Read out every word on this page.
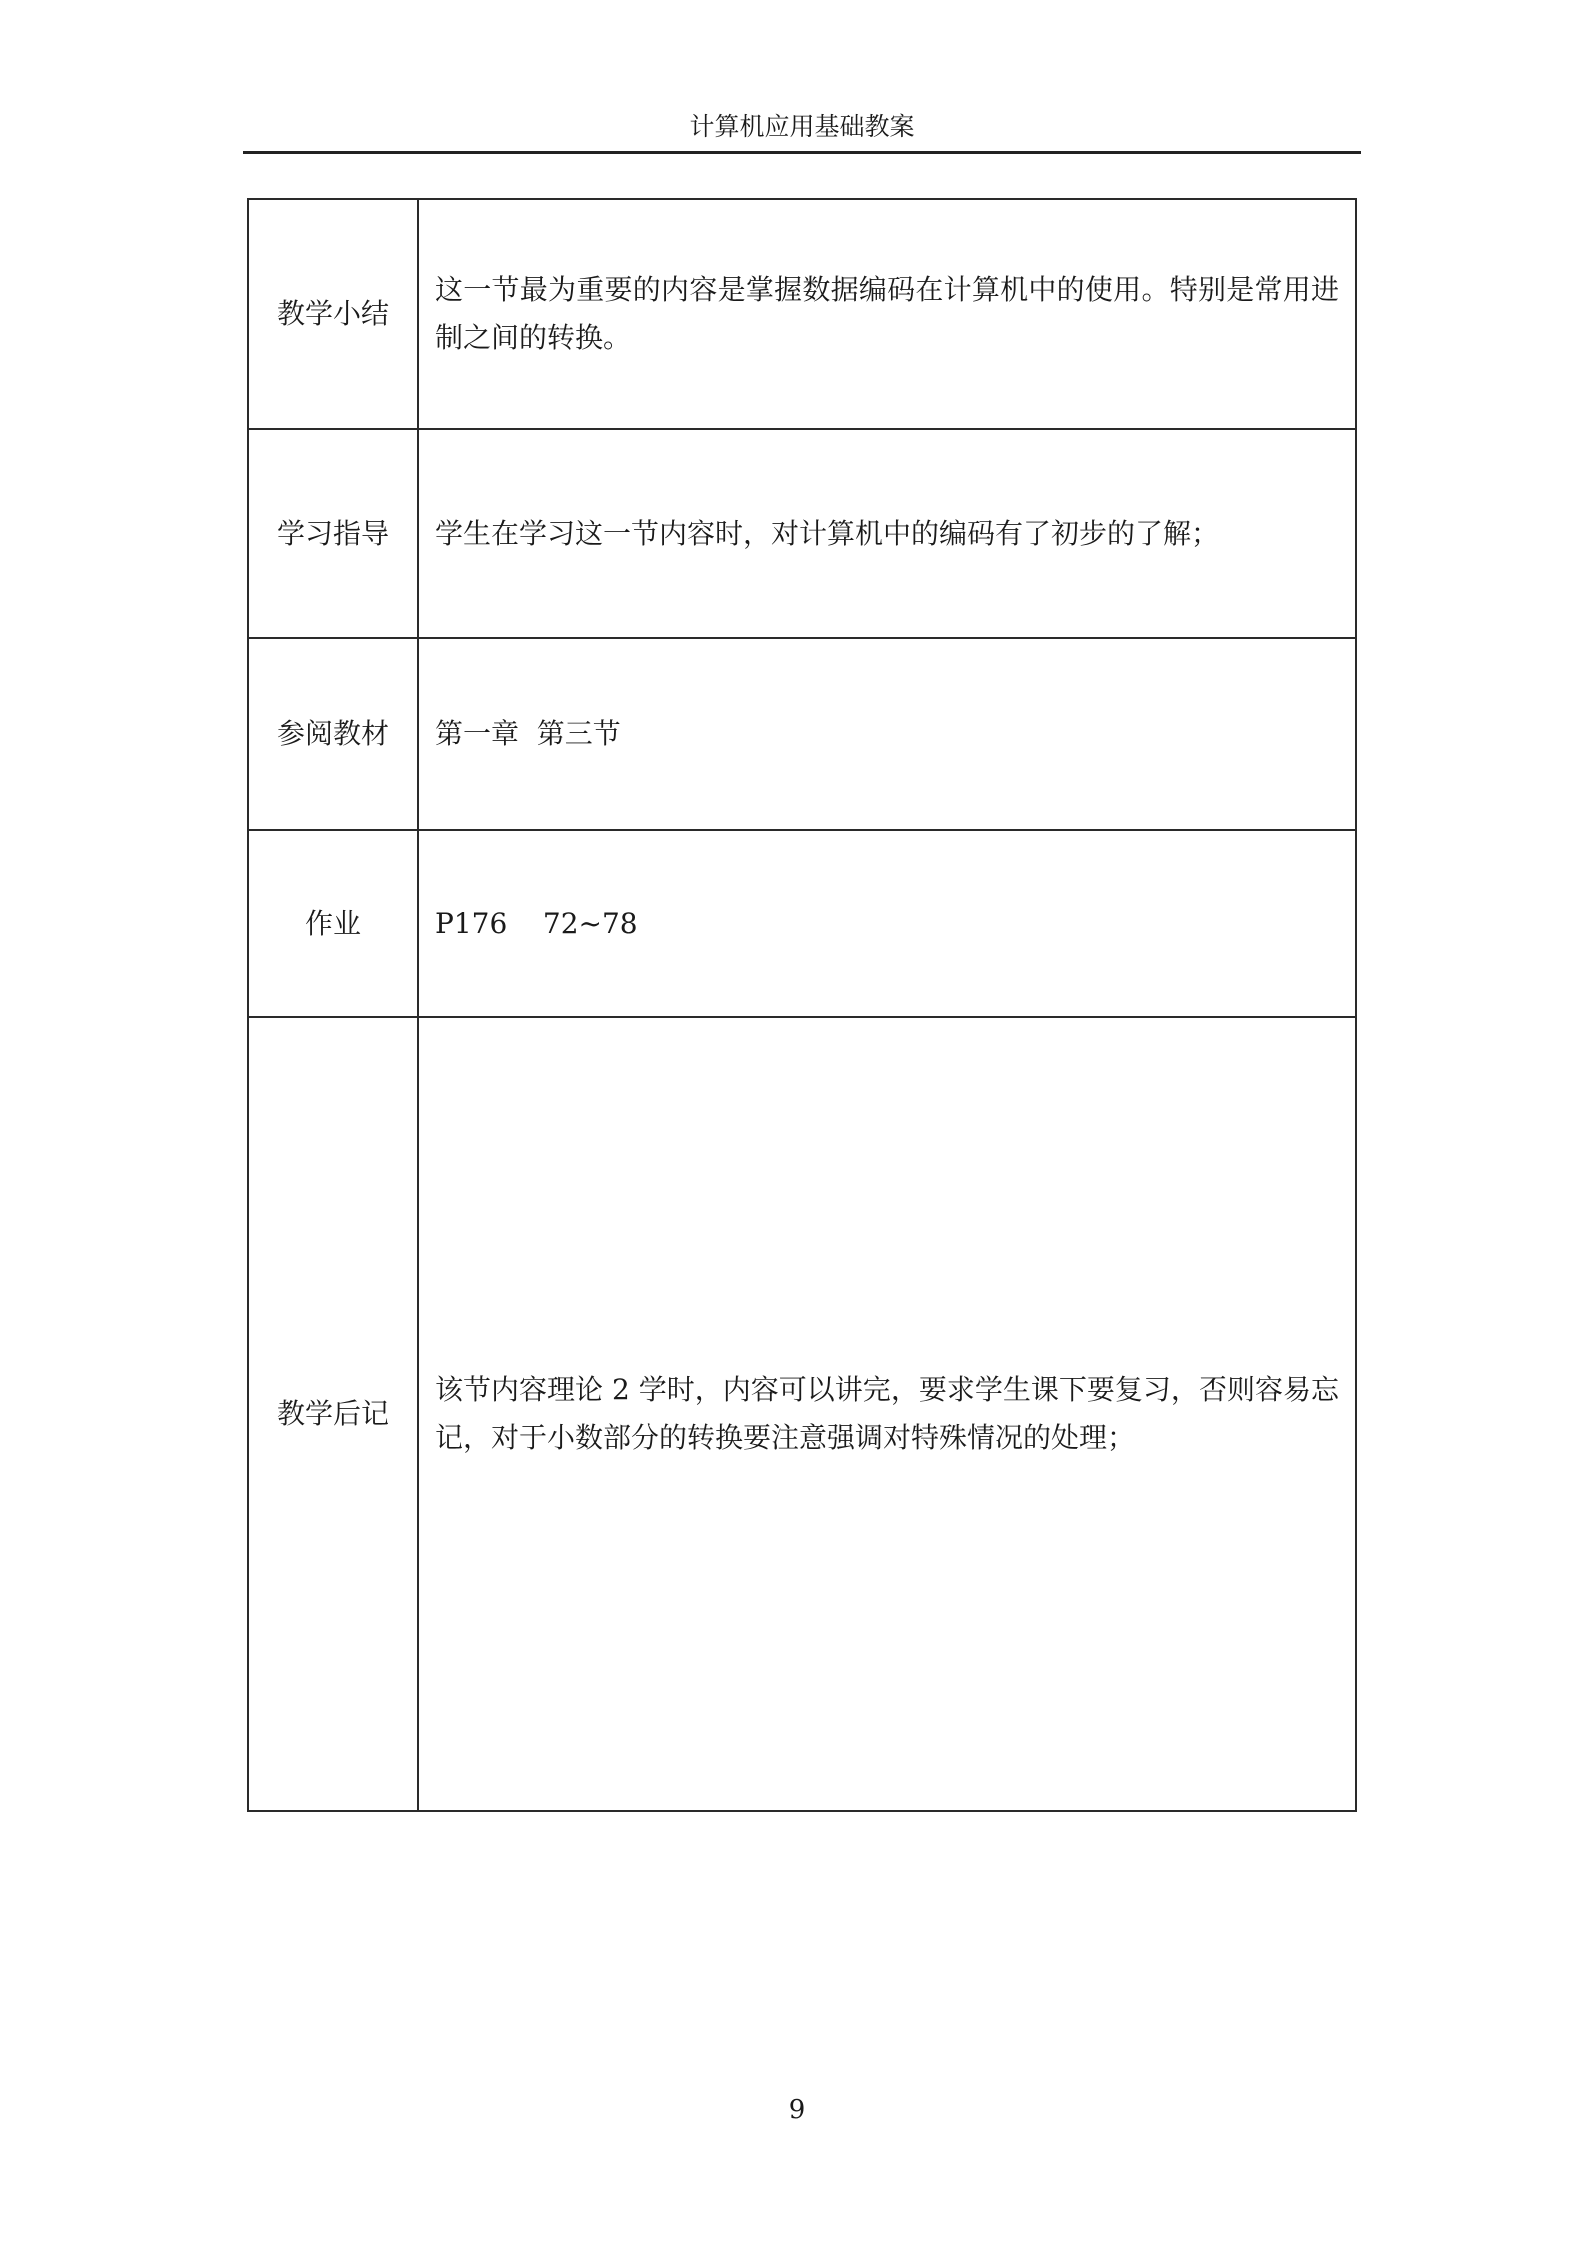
计算机应用基础教案
教学小结	这一节最为重要的内容是掌握数据编码在计算机中的使用。特别是常用进制之间的转换。
学习指导	学生在学习这一节内容时，对计算机中的编码有了初步的了解；
参阅教材	第一章  第三节
作业	P176    72~78
教学后记	该节内容理论 2 学时，内容可以讲完，要求学生课下要复习，否则容易忘记，对于小数部分的转换要注意强调对特殊情况的处理；
9
